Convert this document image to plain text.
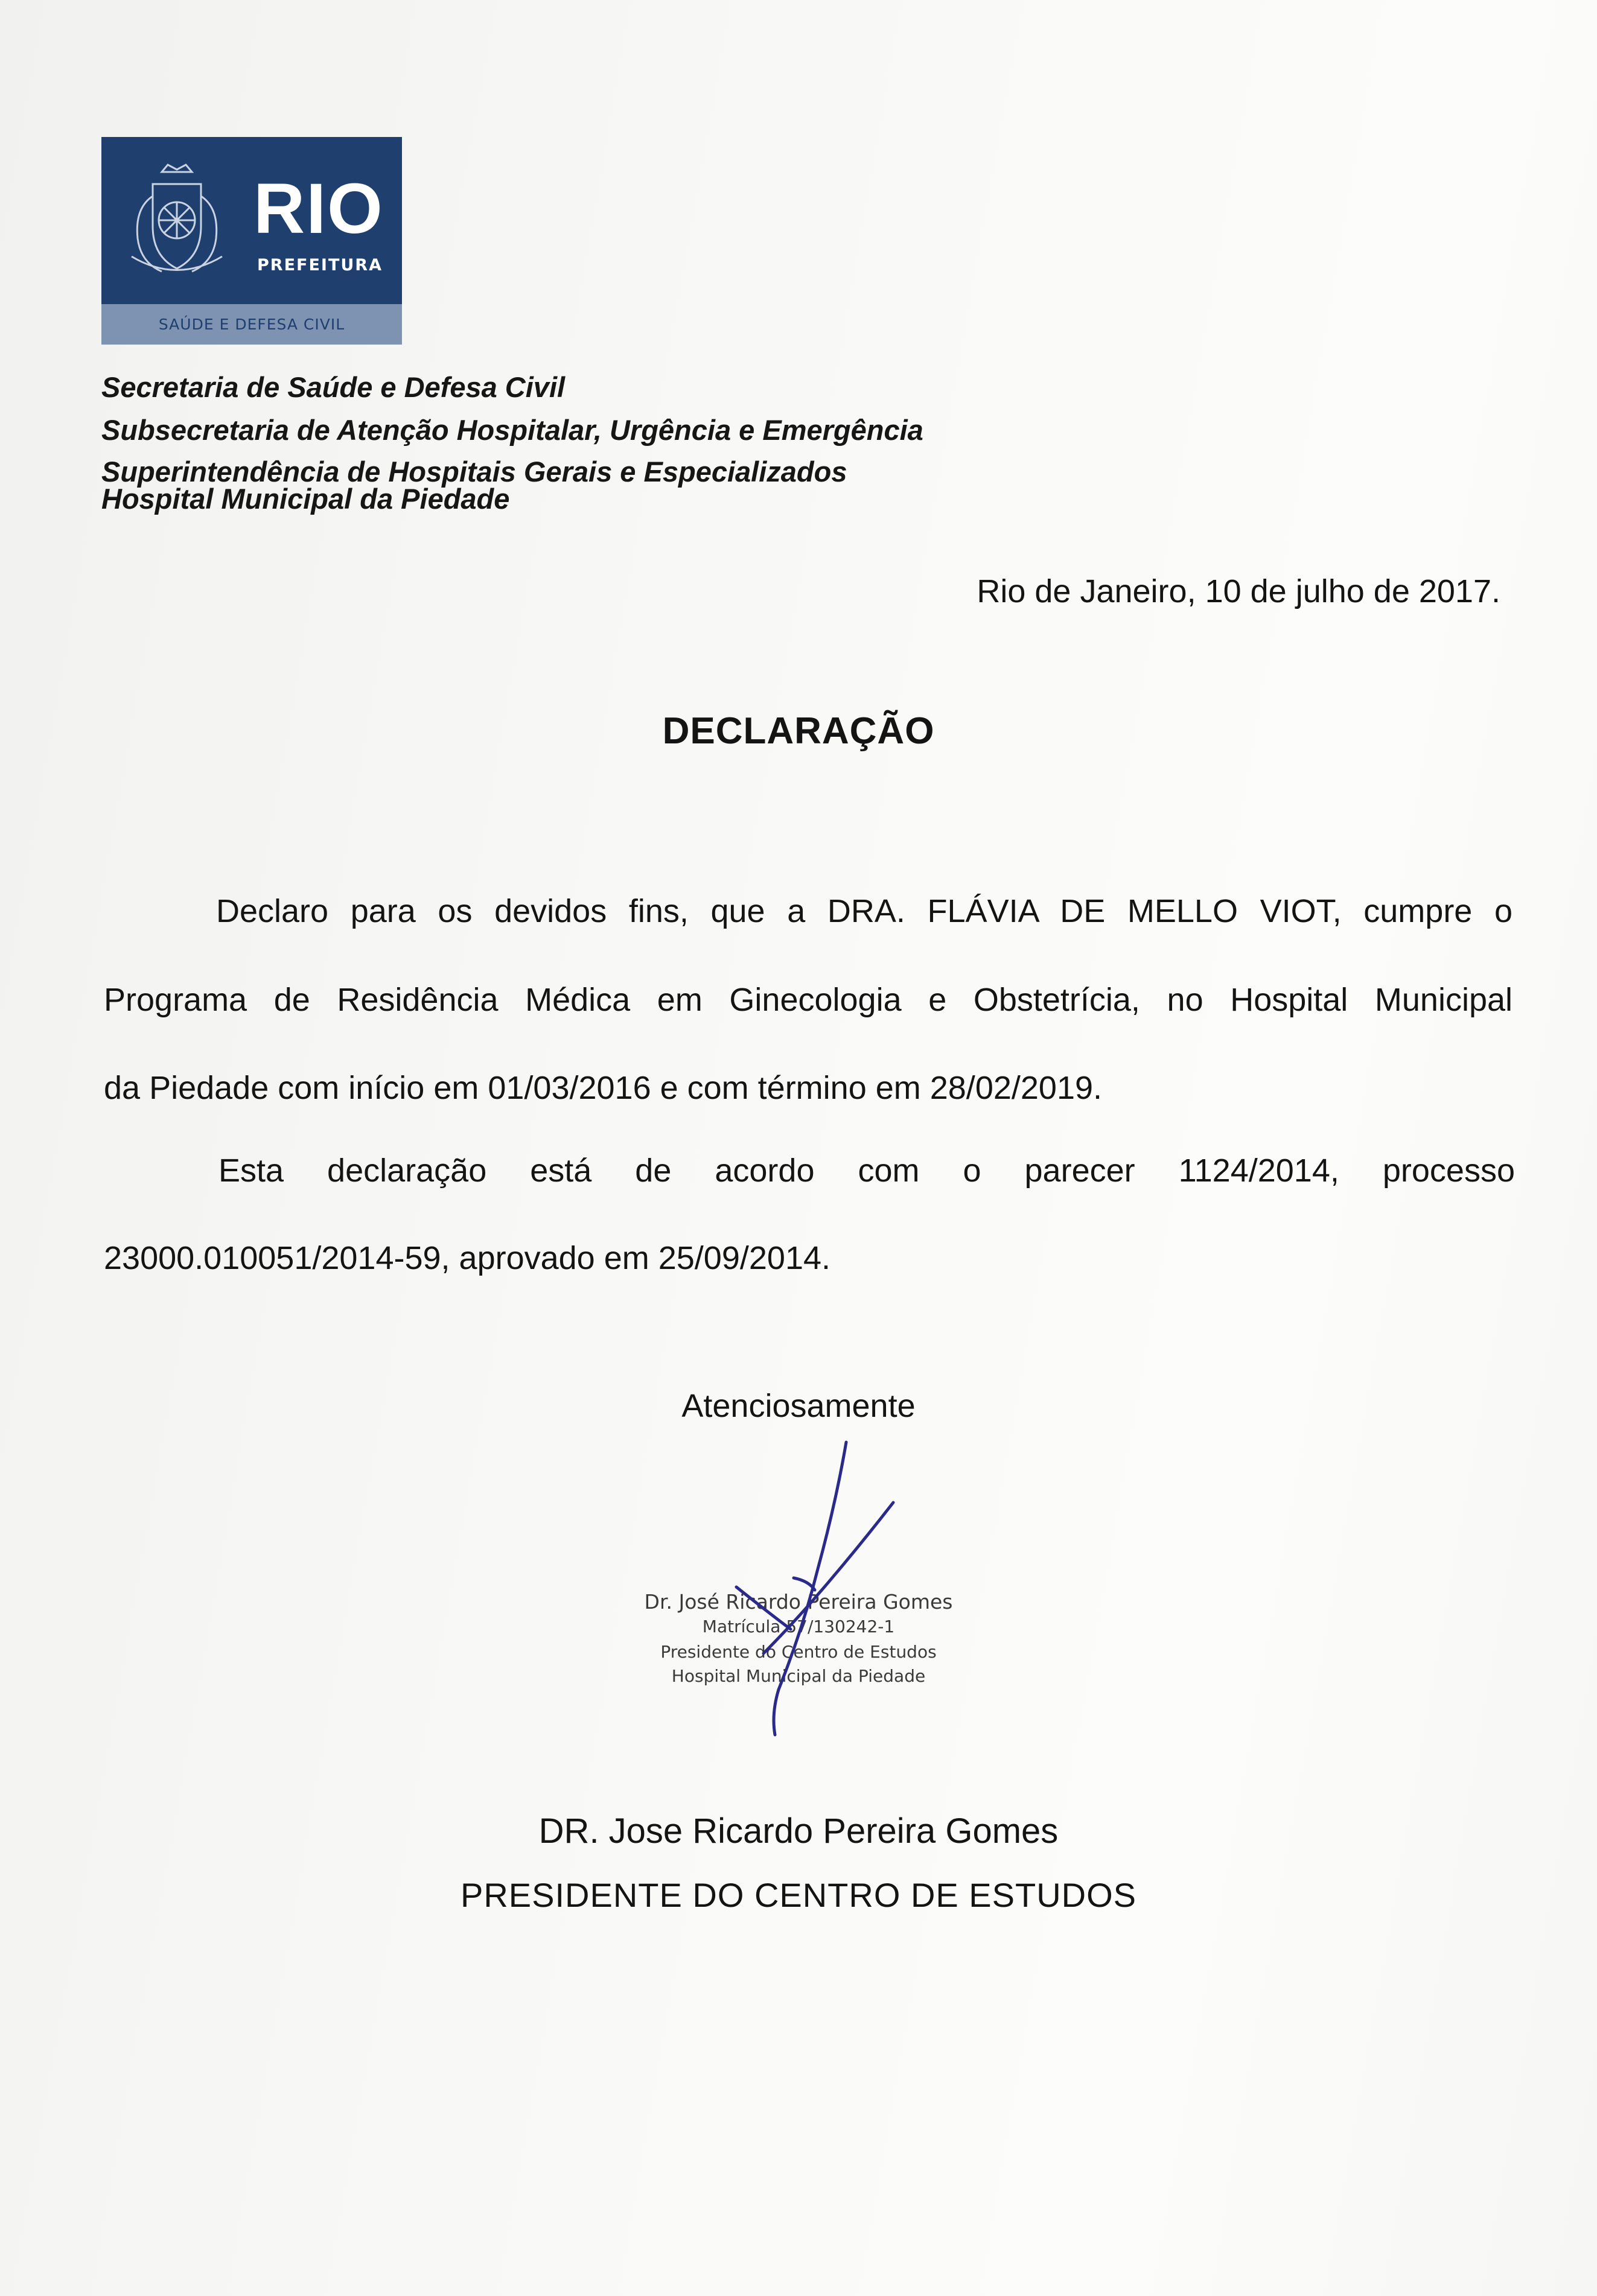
RIO
PREFEITURA
SAÚDE E DEFESA CIVIL
Secretaria de Saúde e Defesa Civil
Subsecretaria de Atenção Hospitalar, Urgência e Emergência
Superintendência de Hospitais Gerais e Especializados
Hospital Municipal da Piedade
Rio de Janeiro, 10 de julho de 2017.
DECLARAÇÃO
Declaro para os devidos fins, que a DRA. FLÁVIA DE MELLO VIOT, cumpre o
Programa de Residência Médica em Ginecologia e Obstetrícia, no Hospital Municipal
da Piedade com início em 01/03/2016 e com término em 28/02/2019.
Esta declaração está de acordo com o parecer 1124/2014, processo
23000.010051/2014-59, aprovado em 25/09/2014.
Atenciosamente
Dr. José Ricardo Pereira Gomes
Matrícula 57/130242-1
Presidente do Centro de Estudos
Hospital Municipal da Piedade
DR. Jose Ricardo Pereira Gomes
PRESIDENTE DO CENTRO DE ESTUDOS
